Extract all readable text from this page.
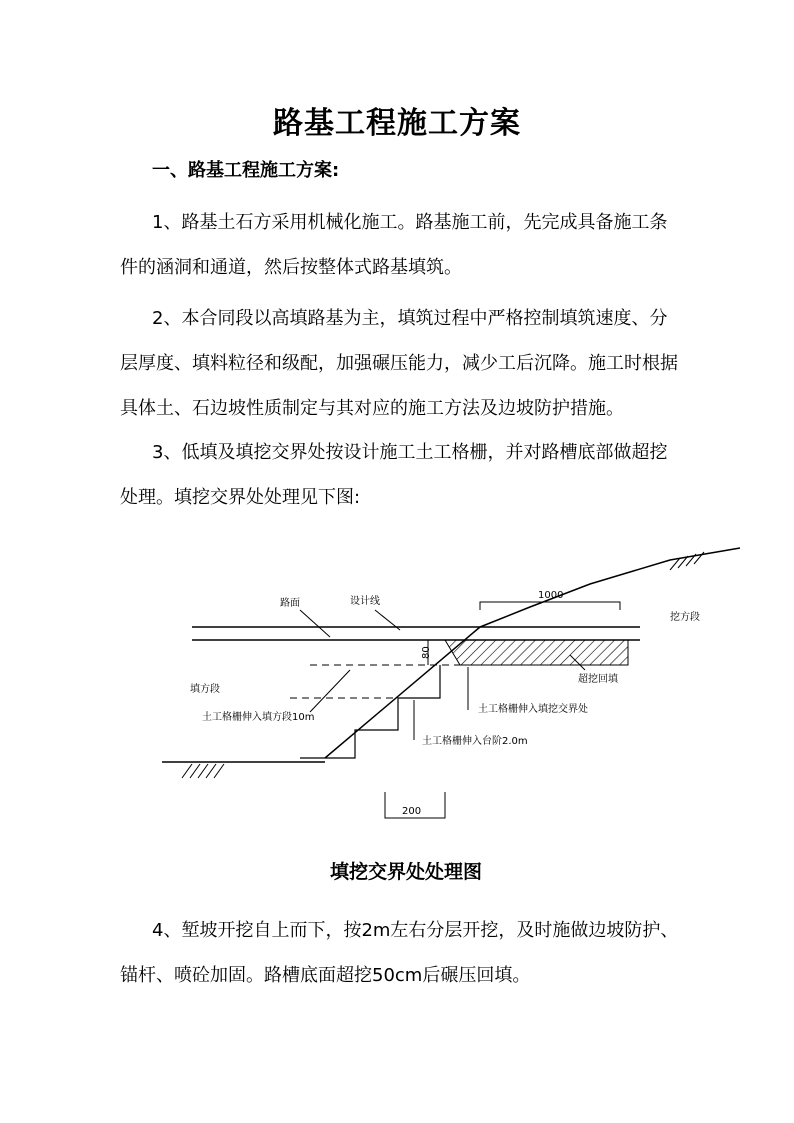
路基工程施工方案
一、路基工程施工方案:
1、路基土石方采用机械化施工。路基施工前，先完成具备施工条件的涵洞和通道，然后按整体式路基填筑。
2、本合同段以高填路基为主，填筑过程中严格控制填筑速度、分层厚度、填料粒径和级配，加强碾压能力，减少工后沉降。施工时根据具体土、石边坡性质制定与其对应的施工方法及边坡防护措施。
3、低填及填挖交界处按设计施工土工格栅，并对路槽底部做超挖处理。填挖交界处处理见下图:
路面	设计线
1000
挖方段
80
填方段
超挖回填
土工格栅伸入填方段10m
土工格栅伸入填挖交界处
土工格栅伸入台阶2.0m
200
填挖交界处处理图
4、堑坡开挖自上而下，按2m左右分层开挖，及时施做边坡防护、锚杆、喷砼加固。路槽底面超挖50cm后碾压回填。
